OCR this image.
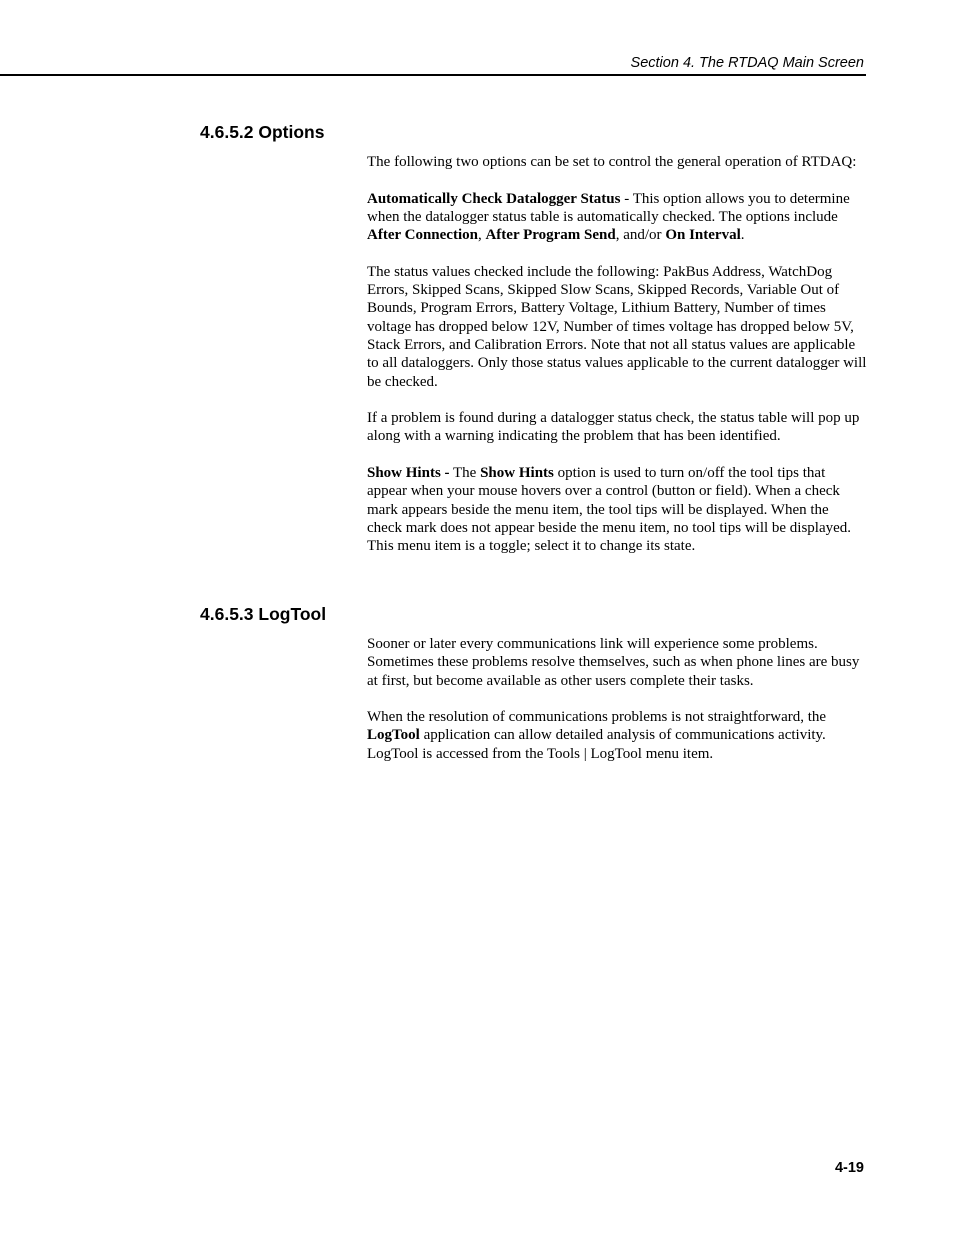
Section 4. The RTDAQ Main Screen
4.6.5.2 Options

The following two options can be set to control the general operation of RTDAQ:

Automatically Check Datalogger Status - This option allows you to determine when the datalogger status table is automatically checked. The options include After Connection, After Program Send, and/or On Interval.

The status values checked include the following: PakBus Address, WatchDog Errors, Skipped Scans, Skipped Slow Scans, Skipped Records, Variable Out of Bounds, Program Errors, Battery Voltage, Lithium Battery, Number of times voltage has dropped below 12V, Number of times voltage has dropped below 5V, Stack Errors, and Calibration Errors. Note that not all status values are applicable to all dataloggers. Only those status values applicable to the current datalogger will be checked.

If a problem is found during a datalogger status check, the status table will pop up along with a warning indicating the problem that has been identified.

Show Hints - The Show Hints option is used to turn on/off the tool tips that appear when your mouse hovers over a control (button or field). When a check mark appears beside the menu item, the tool tips will be displayed. When the check mark does not appear beside the menu item, no tool tips will be displayed. This menu item is a toggle; select it to change its state.

4.6.5.3 LogTool

Sooner or later every communications link will experience some problems. Sometimes these problems resolve themselves, such as when phone lines are busy at first, but become available as other users complete their tasks.

When the resolution of communications problems is not straightforward, the LogTool application can allow detailed analysis of communications activity. LogTool is accessed from the Tools | LogTool menu item.

4-19
